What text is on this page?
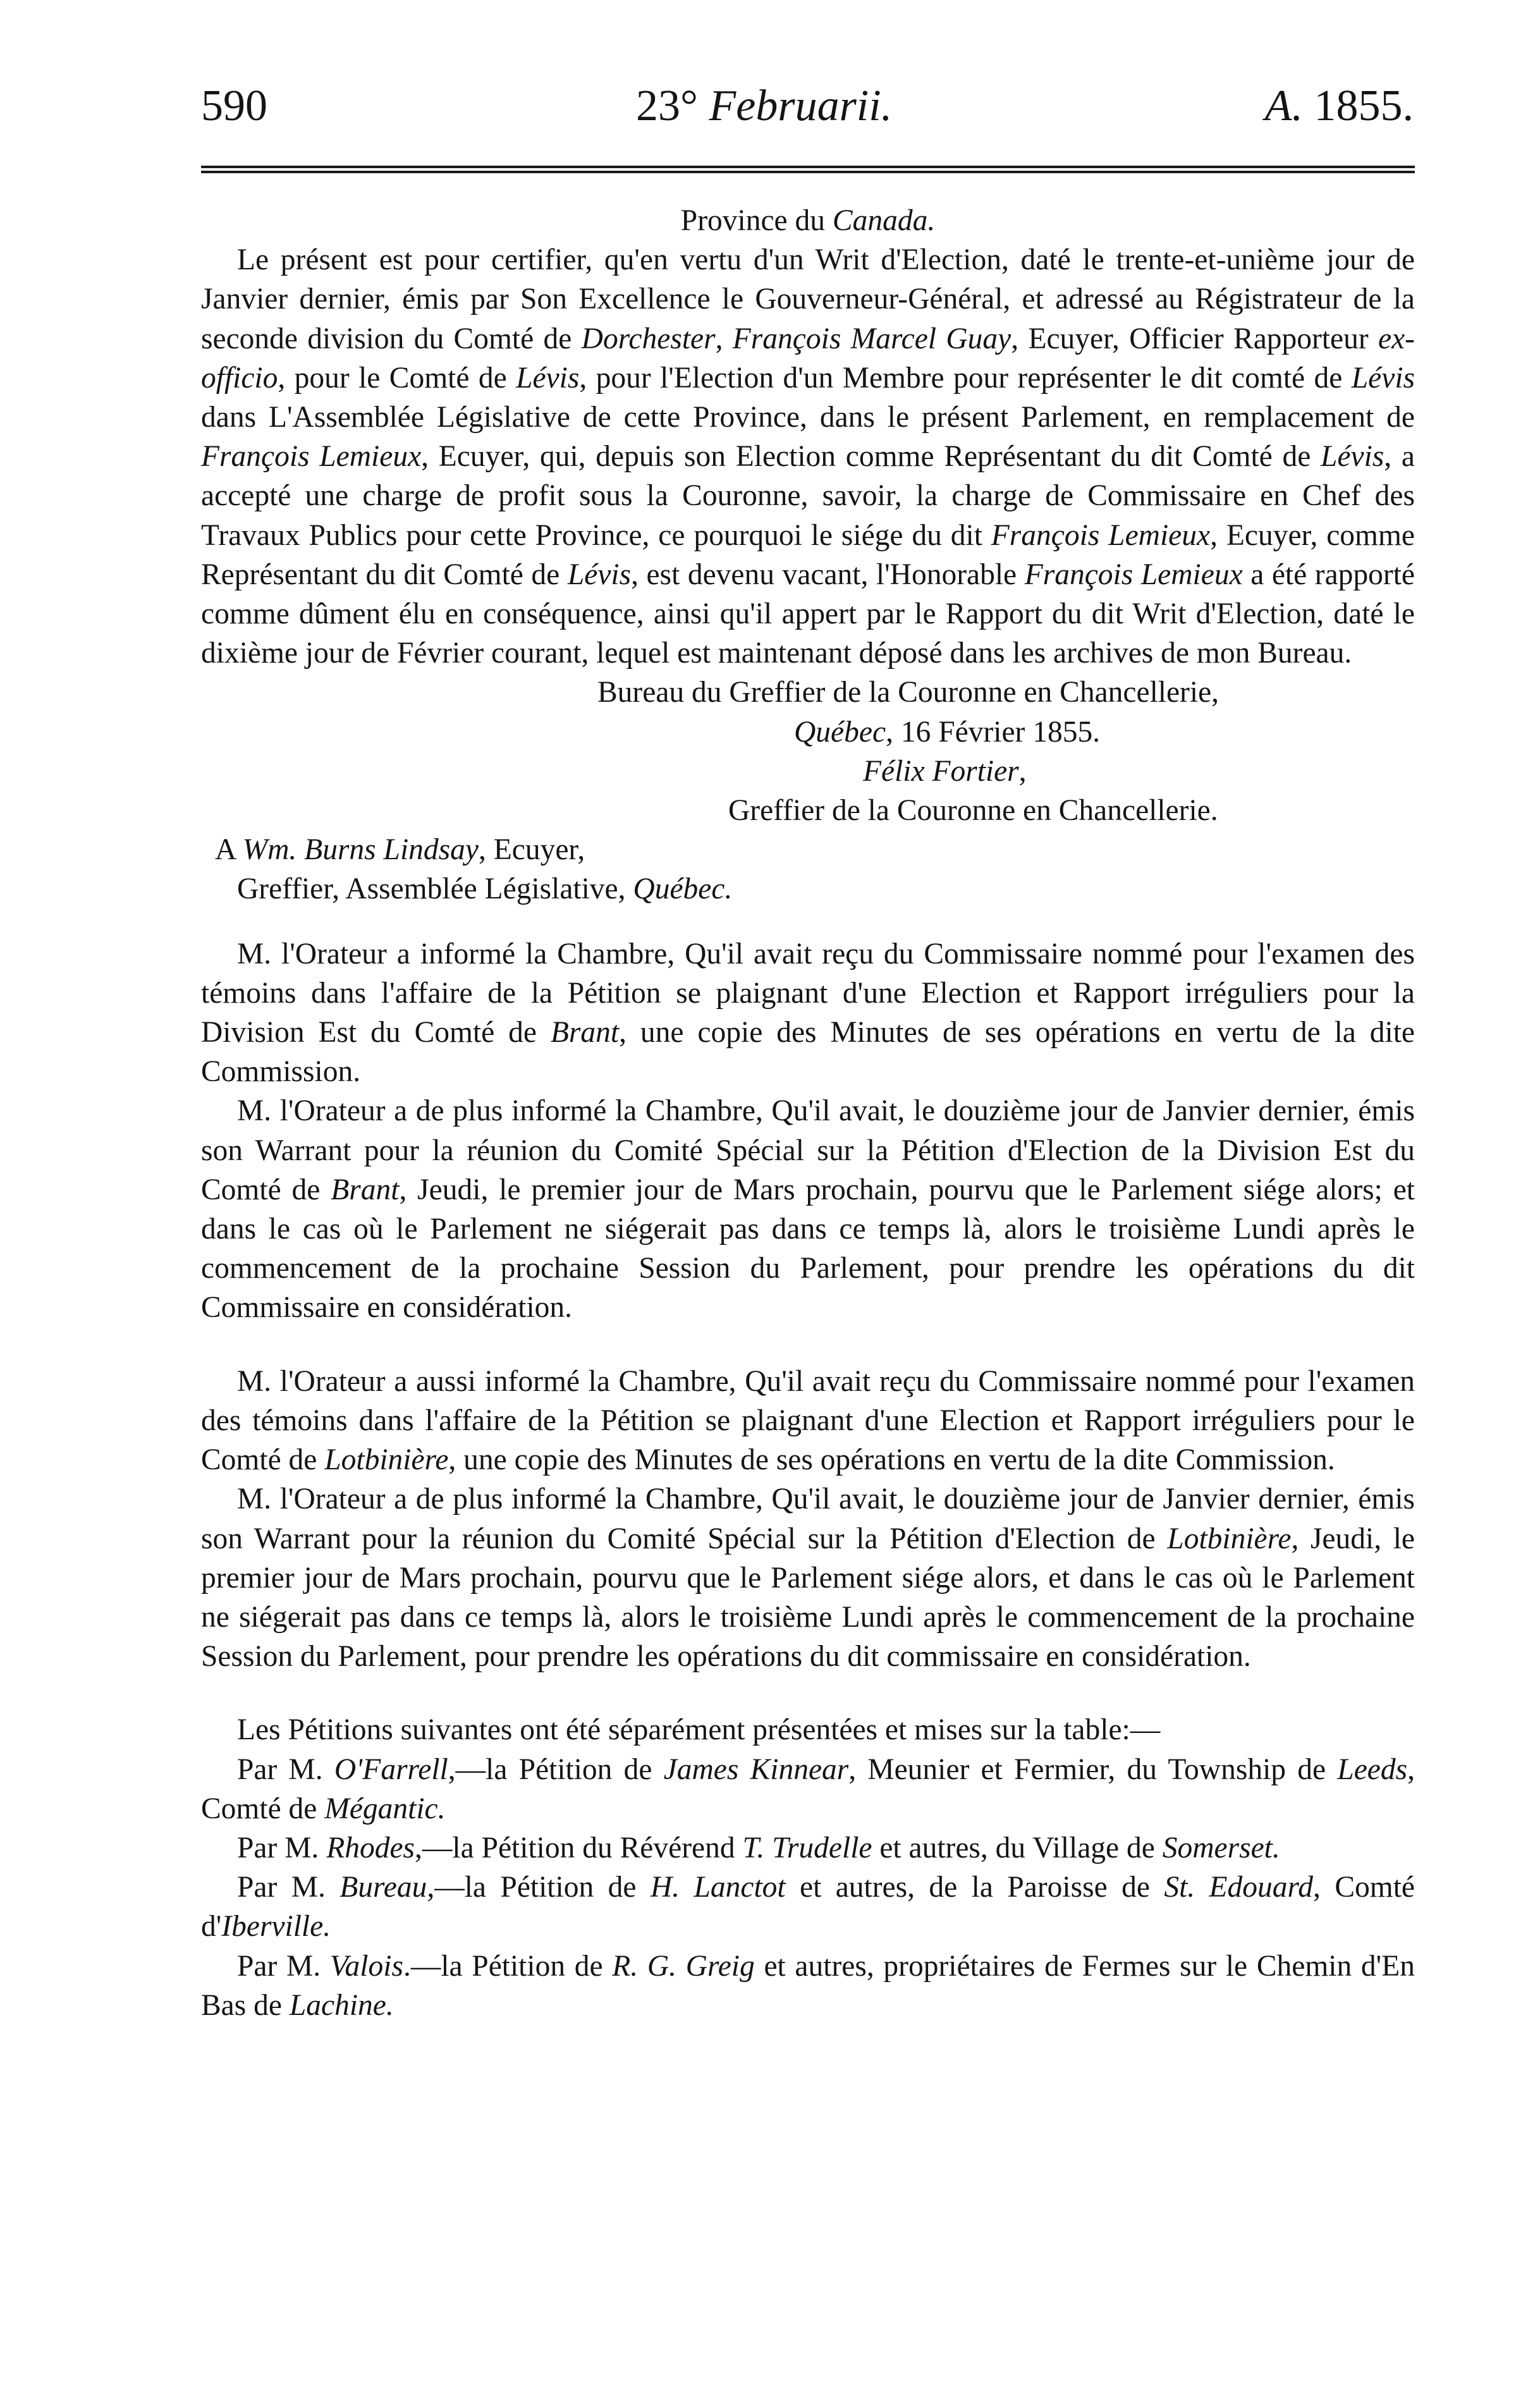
590	23° Februarii.	A. 1855.

Province du Canada.

Le présent est pour certifier, qu'en vertu d'un Writ d'Election, daté le trente-et-unième jour de Janvier dernier, émis par Son Excellence le Gouverneur-Général, et adressé au Régistrateur de la seconde division du Comté de Dorchester, François Marcel Guay, Ecuyer, Officier Rapporteur ex-officio, pour le Comté de Lévis, pour l'Election d'un Membre pour représenter le dit comté de Lévis dans L'Assemblée Législative de cette Province, dans le présent Parlement, en remplacement de François Lemieux, Ecuyer, qui, depuis son Election comme Représentant du dit Comté de Lévis, a accepté une charge de profit sous la Couronne, savoir, la charge de Commissaire en Chef des Travaux Publics pour cette Province, ce pourquoi le siége du dit François Lemieux, Ecuyer, comme Représentant du dit Comté de Lévis, est devenu vacant, l'Honorable François Lemieux a été rapporté comme dûment élu en conséquence, ainsi qu'il appert par le Rapport du dit Writ d'Election, daté le dixième jour de Février courant, lequel est maintenant déposé dans les archives de mon Bureau.

Bureau du Greffier de la Couronne en Chancellerie,

Québec, 16 Février 1855.

Félix Fortier,

Greffier de la Couronne en Chancellerie.

A Wm. Burns Lindsay, Ecuyer,

Greffier, Assemblée Législative, Québec.

M. l'Orateur a informé la Chambre, Qu'il avait reçu du Commissaire nommé pour l'examen des témoins dans l'affaire de la Pétition se plaignant d'une Election et Rapport irréguliers pour la Division Est du Comté de Brant, une copie des Minutes de ses opérations en vertu de la dite Commission.

M. l'Orateur a de plus informé la Chambre, Qu'il avait, le douzième jour de Janvier dernier, émis son Warrant pour la réunion du Comité Spécial sur la Pétition d'Election de la Division Est du Comté de Brant, Jeudi, le premier jour de Mars prochain, pourvu que le Parlement siége alors; et dans le cas où le Parlement ne siégerait pas dans ce temps là, alors le troisième Lundi après le commencement de la prochaine Session du Parlement, pour prendre les opérations du dit Commissaire en considération.

M. l'Orateur a aussi informé la Chambre, Qu'il avait reçu du Commissaire nommé pour l'examen des témoins dans l'affaire de la Pétition se plaignant d'une Election et Rapport irréguliers pour le Comté de Lotbinière, une copie des Minutes de ses opérations en vertu de la dite Commission.

M. l'Orateur a de plus informé la Chambre, Qu'il avait, le douzième jour de Janvier dernier, émis son Warrant pour la réunion du Comité Spécial sur la Pétition d'Election de Lotbinière, Jeudi, le premier jour de Mars prochain, pourvu que le Parlement siége alors, et dans le cas où le Parlement ne siégerait pas dans ce temps là, alors le troisième Lundi après le commencement de la prochaine Session du Parlement, pour prendre les opérations du dit commissaire en considération.

Les Pétitions suivantes ont été séparément présentées et mises sur la table:—

Par M. O'Farrell,—la Pétition de James Kinnear, Meunier et Fermier, du Township de Leeds, Comté de Mégantic.

Par M. Rhodes,—la Pétition du Révérend T. Trudelle et autres, du Village de Somerset.

Par M. Bureau,—la Pétition de H. Lanctot et autres, de la Paroisse de St. Edouard, Comté d'Iberville.

Par M. Valois.—la Pétition de R. G. Greig et autres, propriétaires de Fermes sur le Chemin d'En Bas de Lachine.
